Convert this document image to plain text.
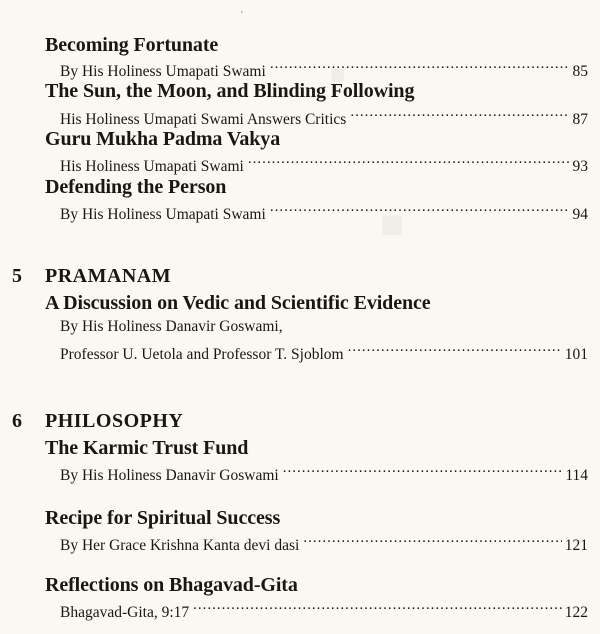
'
Becoming Fortunate
By His Holiness Umapati Swami .....	85
The Sun, the Moon, and Blinding Following
His Holiness Umapati Swami Answers Critics .....	87
Guru Mukha Padma Vakya
His Holiness Umapati Swami .....	93
Defending the Person
By His Holiness Umapati Swami .....	94
5 PRAMANAM
A Discussion on Vedic and Scientific Evidence
By His Holiness Danavir Goswami,
Professor U. Uetola and Professor T. Sjoblom .....	101
6 PHILOSOPHY
The Karmic Trust Fund
By His Holiness Danavir Goswami .....	114
Recipe for Spiritual Success
By Her Grace Krishna Kanta devi dasi .....	121
Reflections on Bhagavad-Gita
Bhagavad-Gita, 9:17 .....	122
